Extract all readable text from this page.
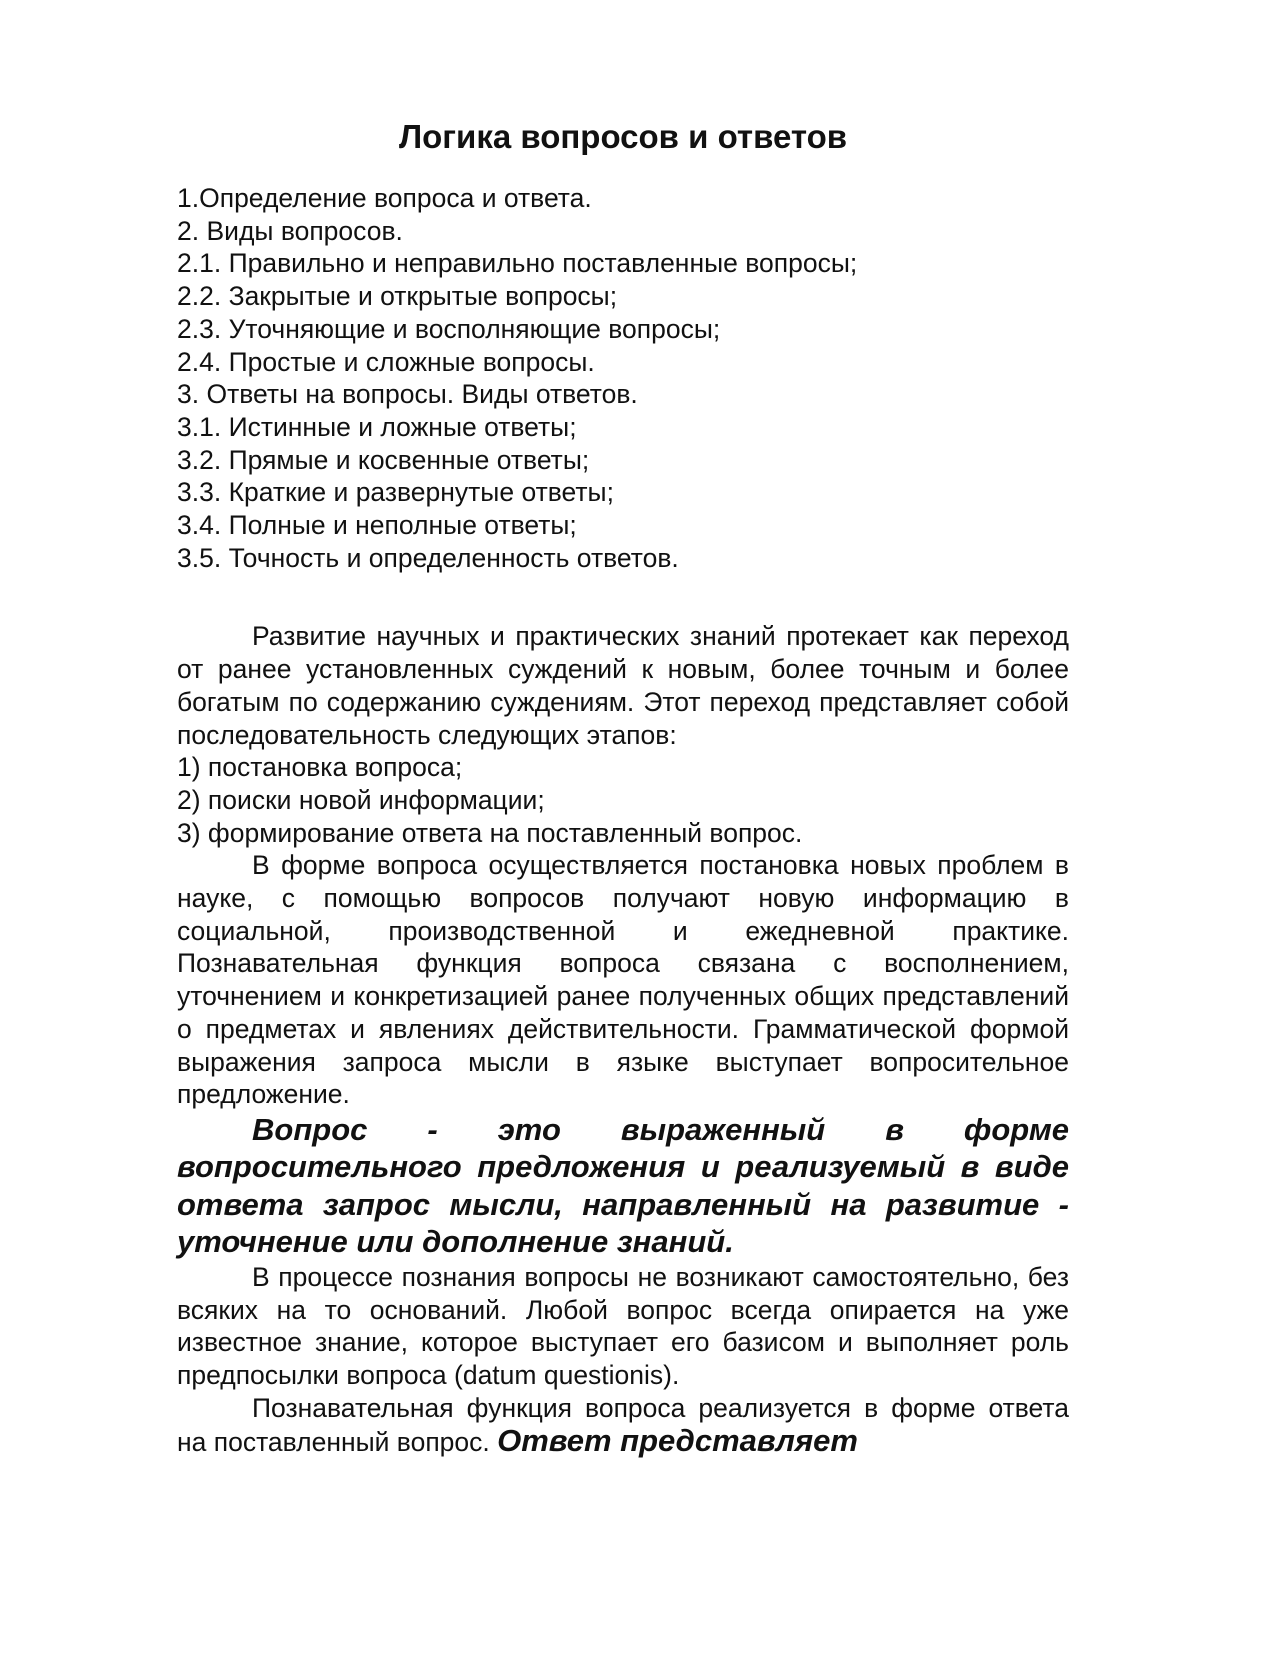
Логика вопросов и ответов
1.Определение вопроса и ответа.
2. Виды вопросов.
2.1. Правильно и неправильно поставленные вопросы;
2.2. Закрытые и открытые вопросы;
2.3. Уточняющие и восполняющие вопросы;
2.4. Простые и сложные вопросы.
3. Ответы на вопросы. Виды ответов.
3.1. Истинные и ложные ответы;
3.2. Прямые и косвенные ответы;
3.3. Краткие и развернутые ответы;
3.4. Полные и неполные ответы;
3.5. Точность и определенность ответов.

Развитие научных и практических знаний протекает как переход от ранее установленных суждений к новым, более точным и более богатым по содержанию суждениям. Этот переход представляет собой последовательность следующих этапов:

1) постановка вопроса;
2) поиски новой информации;
3) формирование ответа на поставленный вопрос.

В форме вопроса осуществляется постановка новых проблем в науке, с помощью вопросов получают новую информацию в социальной, производственной и ежедневной практике. Познавательная функция вопроса связана с восполнением, уточнением и конкретизацией ранее полученных общих представлений о предметах и явлениях действительности. Грамматической формой выражения запроса мысли в языке выступает вопросительное предложение.

Вопрос - это выраженный в форме вопросительного предложения и реализуемый в виде ответа запрос мысли, направленный на развитие - уточнение или дополнение знаний.

В процессе познания вопросы не возникают самостоятельно, без всяких на то оснований. Любой вопрос всегда опирается на уже известное знание, которое выступает его базисом и выполняет роль предпосылки вопроса (datum questionis).

Познавательная функция вопроса реализуется в форме ответа на поставленный вопрос. Ответ представляет
